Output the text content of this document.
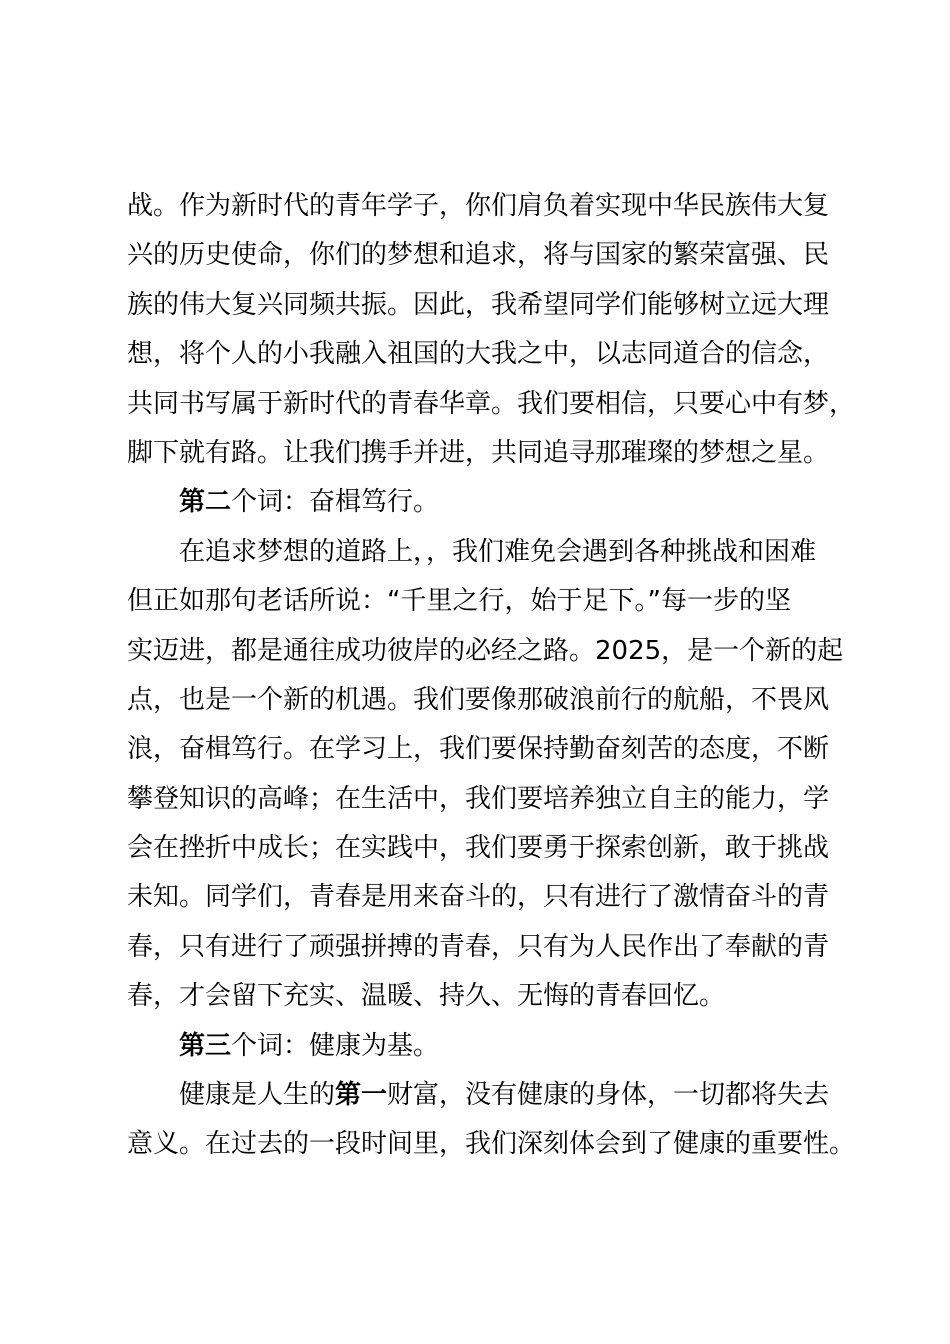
战。作为新时代的青年学子，你们肩负着实现中华民族伟大复
兴的历史使命，你们的梦想和追求，将与国家的繁荣富强、民
族的伟大复兴同频共振。因此，我希望同学们能够树立远大理
想，将个人的小我融入祖国的大我之中，以志同道合的信念，
共同书写属于新时代的青春华章。我们要相信，只要心中有梦，
脚下就有路。让我们携手并进，共同追寻那璀璨的梦想之星。
第二个词：奋楫笃行。
在追求梦想的道路上，，我们难免会遇到各种挑战和困难
但正如那句老话所说：“千里之行，始于足下。”每一步的坚
实迈进，都是通往成功彼岸的必经之路。2025，是一个新的起
点，也是一个新的机遇。我们要像那破浪前行的航船，不畏风
浪，奋楫笃行。在学习上，我们要保持勤奋刻苦的态度，不断
攀登知识的高峰；在生活中，我们要培养独立自主的能力，学
会在挫折中成长；在实践中，我们要勇于探索创新，敢于挑战
未知。同学们，青春是用来奋斗的，只有进行了激情奋斗的青
春，只有进行了顽强拼搏的青春，只有为人民作出了奉献的青
春，才会留下充实、温暖、持久、无悔的青春回忆。
第三个词：健康为基。
健康是人生的第一财富，没有健康的身体，一切都将失去
意义。在过去的一段时间里，我们深刻体会到了健康的重要性。
